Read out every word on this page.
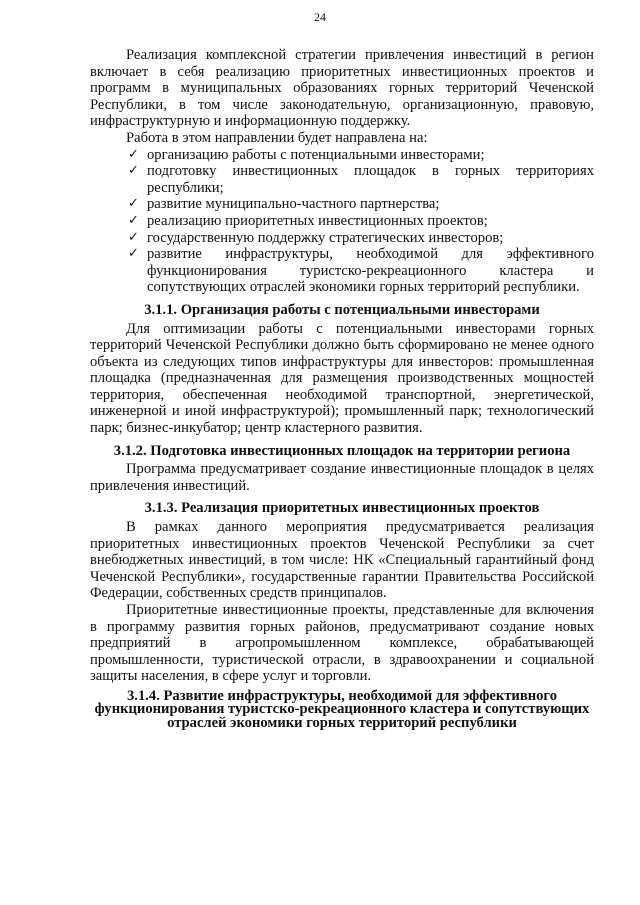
24

Реализация комплексной стратегии привлечения инвестиций в регион включает в себя реализацию приоритетных инвестиционных проектов и программ в муниципальных образованиях горных территорий Чеченской Республики, в том числе законодательную, организационную, правовую, инфраструктурную и информационную поддержку.

Работа в этом направлении будет направлена на:

✓ организацию работы с потенциальными инвесторами;
✓ подготовку инвестиционных площадок в горных территориях республики;
✓ развитие муниципально-частного партнерства;
✓ реализацию приоритетных инвестиционных проектов;
✓ государственную поддержку стратегических инвесторов;
✓ развитие инфраструктуры, необходимой для эффективного функционирования туристско-рекреационного кластера и сопутствующих отраслей экономики горных территорий республики.
3.1.1. Организация работы с потенциальными инвесторами

Для оптимизации работы с потенциальными инвесторами горных территорий Чеченской Республики должно быть сформировано не менее одного объекта из следующих типов инфраструктуры для инвесторов: промышленная площадка (предназначенная для размещения производственных мощностей территория, обеспеченная необходимой транспортной, энергетической, инженерной и иной инфраструктурой); промышленный парк; технологический парк; бизнес-инкубатор; центр кластерного развития.

3.1.2. Подготовка инвестиционных площадок на территории региона

Программа предусматривает создание инвестиционные площадок в целях привлечения инвестиций.

3.1.3. Реализация приоритетных инвестиционных проектов

В рамках данного мероприятия предусматривается реализация приоритетных инвестиционных проектов Чеченской Республики за счет внебюджетных инвестиций, в том числе: НК «Специальный гарантийный фонд Чеченской Республики», государственные гарантии Правительства Российской Федерации, собственных средств принципалов.

Приоритетные инвестиционные проекты, представленные для включения в программу развития горных районов, предусматривают создание новых предприятий в агропромышленном комплексе, обрабатывающей промышленности, туристической отрасли, в здравоохранении и социальной защиты населения, в сфере услуг и торговли.

3.1.4. Развитие инфраструктуры, необходимой для эффективного функционирования туристско-рекреационного кластера и сопутствующих отраслей экономики горных территорий республики
